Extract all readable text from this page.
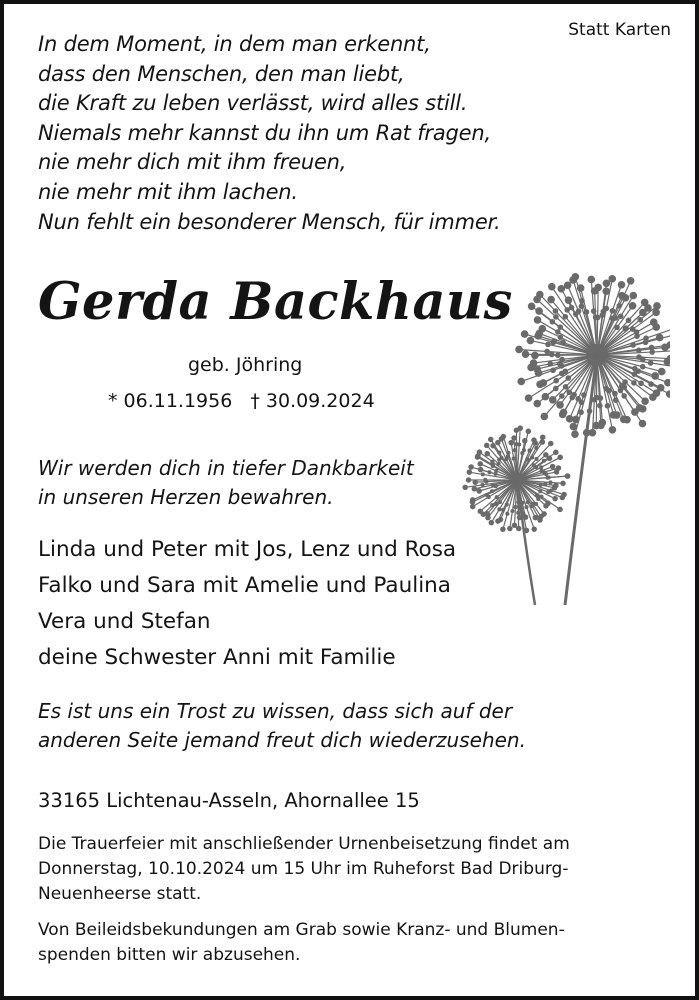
Statt Karten

In dem Moment, in dem man erkennt,
dass den Menschen, den man liebt,
die Kraft zu leben verlässt, wird alles still.
Niemals mehr kannst du ihn um Rat fragen,
nie mehr dich mit ihm freuen,
nie mehr mit ihm lachen.
Nun fehlt ein besonderer Mensch, für immer.
Gerda Backhaus

geb. Jöhring

* 06.11.1956 † 30.09.2024

Wir werden dich in tiefer Dankbarkeit
in unseren Herzen bewahren.
Linda und Peter mit Jos, Lenz und Rosa
Falko und Sara mit Amelie und Paulina
Vera und Stefan
deine Schwester Anni mit Familie
Es ist uns ein Trost zu wissen, dass sich auf der
anderen Seite jemand freut dich wiederzusehen.

33165 Lichtenau-Asseln, Ahornallee 15

Die Trauerfeier mit anschließender Urnenbeisetzung findet am
Donnerstag, 10.10.2024 um 15 Uhr im Ruheforst Bad Driburg-
Neuenheerse statt.
Von Beileidsbekundungen am Grab sowie Kranz- und Blumen-
spenden bitten wir abzusehen.
